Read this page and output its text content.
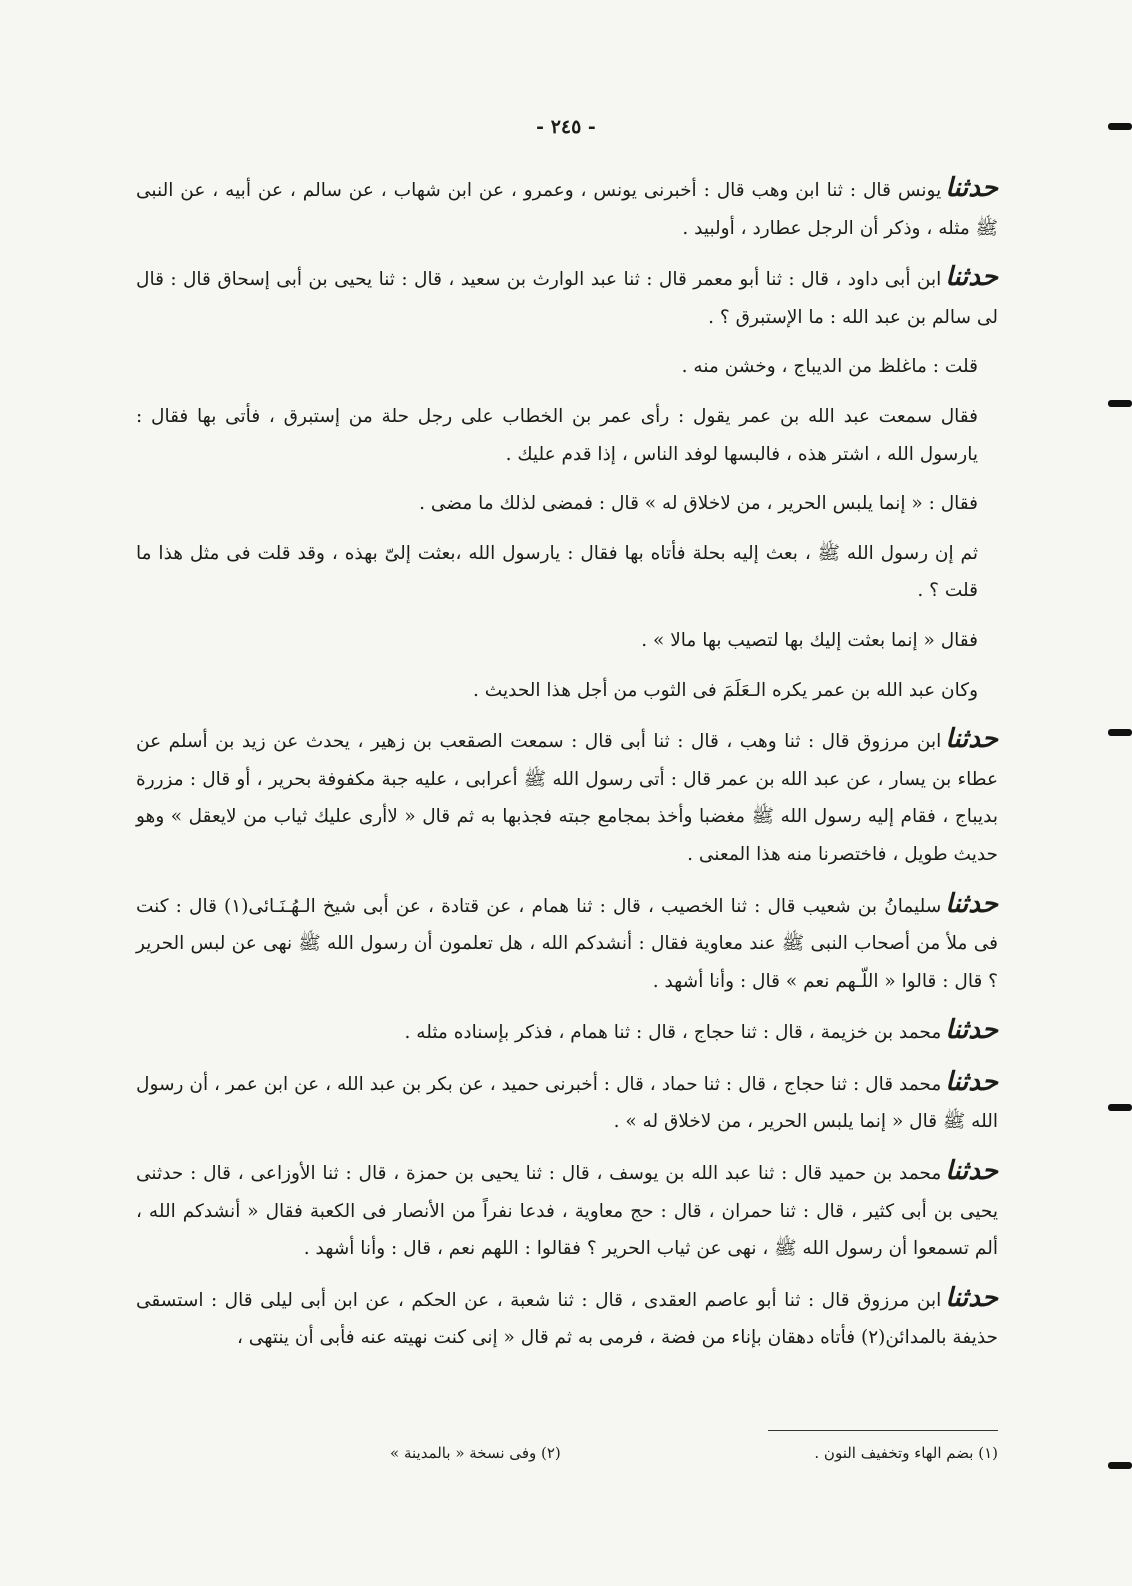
- ٢٤٥ -

حدثنايونس قال : ثنا ابن وهب قال : أخبرنى يونس ، وعمرو ، عن ابن شهاب ، عن سالم ، عن أبيه ، عن النبى ﷺ مثله ، وذكر أن الرجل عطارد ، أولبيد .

حدثناابن أبى داود ، قال : ثنا أبو معمر قال : ثنا عبد الوارث بن سعيد ، قال : ثنا يحيى بن أبى إسحاق قال : قال لى سالم بن عبد الله : ما الإستبرق ؟ .

قلت : ماغلظ من الديباج ، وخشن منه .

فقال سمعت عبد الله بن عمر يقول : رأى عمر بن الخطاب على رجل حلة من إستبرق ، فأتى بها فقال : يارسول الله ، اشتر هذه ، فالبسها لوفد الناس ، إذا قدم عليك .

فقال : « إنما يلبس الحرير ، من لاخلاق له » قال : فمضى لذلك ما مضى .

ثم إن رسول الله ﷺ ، بعث إليه بحلة فأتاه بها فقال : يارسول الله ،بعثت إلىّ بهذه ، وقد قلت فى مثل هذا ما قلت ؟ .

فقال « إنما بعثت إليك بها لتصيب بها مالا » .

وكان عبد الله بن عمر يكره الـعَلَمَ فى الثوب من أجل هذا الحديث .

حدثناابن مرزوق قال : ثنا وهب ، قال : ثنا أبى قال : سمعت الصقعب بن زهير ، يحدث عن زيد بن أسلم عن عطاء بن يسار ، عن عبد الله بن عمر قال : أتى رسول الله ﷺ أعرابى ، عليه جبة مكفوفة بحرير ، أو قال : مزررة بديباج ، فقام إليه رسول الله ﷺ مغضبا وأخذ بمجامع جبته فجذبها به ثم قال « لاأرى عليك ثياب من لايعقل » وهو حديث طويل ، فاختصرنا منه هذا المعنى .

حدثناسليمانُ بن شعيب قال : ثنا الخصيب ، قال : ثنا همام ، عن قتادة ، عن أبى شيخ الـهُـنَـائى(١) قال : كنت فى ملأ من أصحاب النبى ﷺ عند معاوية فقال : أنشدكم الله ، هل تعلمون أن رسول الله ﷺ نهى عن لبس الحرير ؟ قال : قالوا « اللّـهم نعم » قال : وأنا أشهد .

حدثنامحمد بن خزيمة ، قال : ثنا حجاج ، قال : ثنا همام ، فذكر بإسناده مثله .

حدثنامحمد قال : ثنا حجاج ، قال : ثنا حماد ، قال : أخبرنى حميد ، عن بكر بن عبد الله ، عن ابن عمر ، أن رسول الله ﷺ قال « إنما يلبس الحرير ، من لاخلاق له » .

حدثنامحمد بن حميد قال : ثنا عبد الله بن يوسف ، قال : ثنا يحيى بن حمزة ، قال : ثنا الأوزاعى ، قال : حدثنى يحيى بن أبى كثير ، قال : ثنا حمران ، قال : حج معاوية ، فدعا نفراً من الأنصار فى الكعبة فقال « أنشدكم الله ، ألم تسمعوا أن رسول الله ﷺ ، نهى عن ثياب الحرير ؟ فقالوا : اللهم نعم ، قال : وأنا أشهد .

حدثناابن مرزوق قال : ثنا أبو عاصم العقدى ، قال : ثنا شعبة ، عن الحكم ، عن ابن أبى ليلى قال : استسقى حذيفة بالمدائن(٢) فأتاه دهقان بإناء من فضة ، فرمى به ثم قال « إنى كنت نهيته عنه فأبى أن ينتهى ،

(١) بضم الهاء وتخفيف النون .
(٢) وفى نسخة « بالمدينة »
